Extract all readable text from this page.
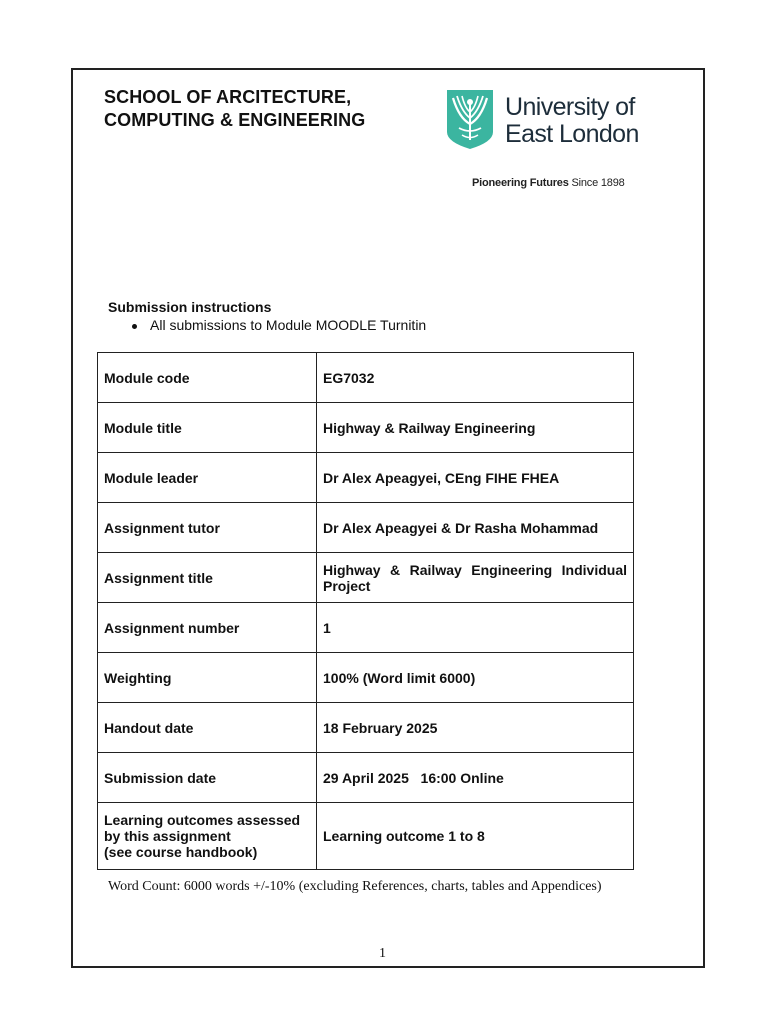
SCHOOL OF ARCITECTURE,
COMPUTING & ENGINEERING	University of
East London
Pioneering Futures Since 1898
Submission instructions
All submissions to Module MOODLE Turnitin
Module code	EG7032
Module title	Highway & Railway Engineering
Module leader	Dr Alex Apeagyei, CEng FIHE FHEA
Assignment tutor	Dr Alex Apeagyei & Dr Rasha Mohammad
Assignment title	Highway & Railway Engineering Individual Project
Assignment number	1
Weighting	100% (Word limit 6000)
Handout date	18 February 2025
Submission date	29 April 2025   16:00 Online

Learning outcomes assessed
by this assignment
(see course handbook)	Learning outcome 1 to 8
Word Count: 6000 words +/-10% (excluding References, charts, tables and Appendices)
1
